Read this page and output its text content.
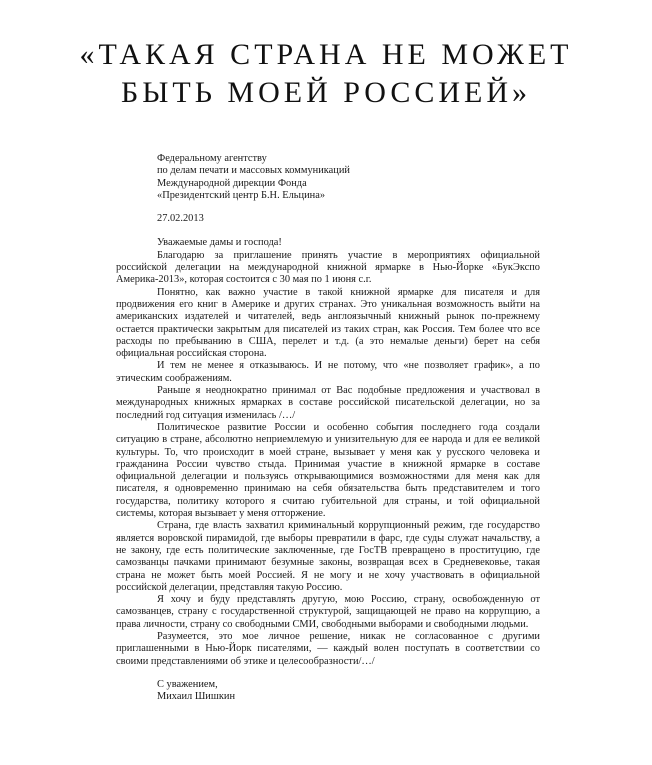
«ТАКАЯ СТРАНА НЕ МОЖЕТ
БЫТЬ МОЕЙ РОССИЕЙ»
Федеральному агентству
по делам печати и массовых коммуникаций
Международной дирекции Фонда
«Президентский центр Б.Н. Ельцина»
27.02.2013
Уважаемые дамы и господа!

Благодарю за приглашение принять участие в мероприятиях официальной российской делегации на международной книжной ярмарке в Нью-Йорке «БукЭкспо Америка-2013», которая состоится с 30 мая по 1 июня с.г.

Понятно, как важно участие в такой книжной ярмарке для писателя и для продвижения его книг в Америке и других странах. Это уникальная возможность выйти на американских издателей и читателей, ведь англоязычный книжный рынок по-прежнему остается практически закрытым для писателей из таких стран, как Россия. Тем более что все расходы по пребыванию в США, перелет и т.д. (а это немалые деньги) берет на себя официальная российская сторона.

И тем не менее я отказываюсь. И не потому, что «не позволяет график», а по этическим соображениям.

Раньше я неоднократно принимал от Вас подобные предложения и участвовал в международных книжных ярмарках в составе российской писательской делегации, но за последний год ситуация изменилась /…/

Политическое развитие России и особенно события последнего года создали ситуацию в стране, абсолютно неприемлемую и унизительную для ее народа и для ее великой культуры. То, что происходит в моей стране, вызывает у меня как у русского человека и гражданина России чувство стыда. Принимая участие в книжной ярмарке в составе официальной делегации и пользуясь открывающимися возможностями для меня как для писателя, я одновременно принимаю на себя обязательства быть представителем и того государства, политику которого я считаю губительной для страны, и той официальной системы, которая вызывает у меня отторжение.

Страна, где власть захватил криминальный коррупционный режим, где государство является воровской пирамидой, где выборы превратили в фарс, где суды служат начальству, а не закону, где есть политические заключенные, где ГосТВ превращено в проституцию, где самозванцы пачками принимают безумные законы, возвращая всех в Средневековье, такая страна не может быть моей Россией. Я не могу и не хочу участвовать в официальной российской делегации, представляя такую Россию.

Я хочу и буду представлять другую, мою Россию, страну, освобожденную от самозванцев, страну с государственной структурой, защищающей не право на коррупцию, а права личности, страну со свободными СМИ, свободными выборами и свободными людьми.

Разумеется, это мое личное решение, никак не согласованное с другими приглашенными в Нью-Йорк писателями, — каждый волен поступать в соответствии со своими представлениями об этике и целесообразности/…/

С уважением,
Михаил Шишкин
